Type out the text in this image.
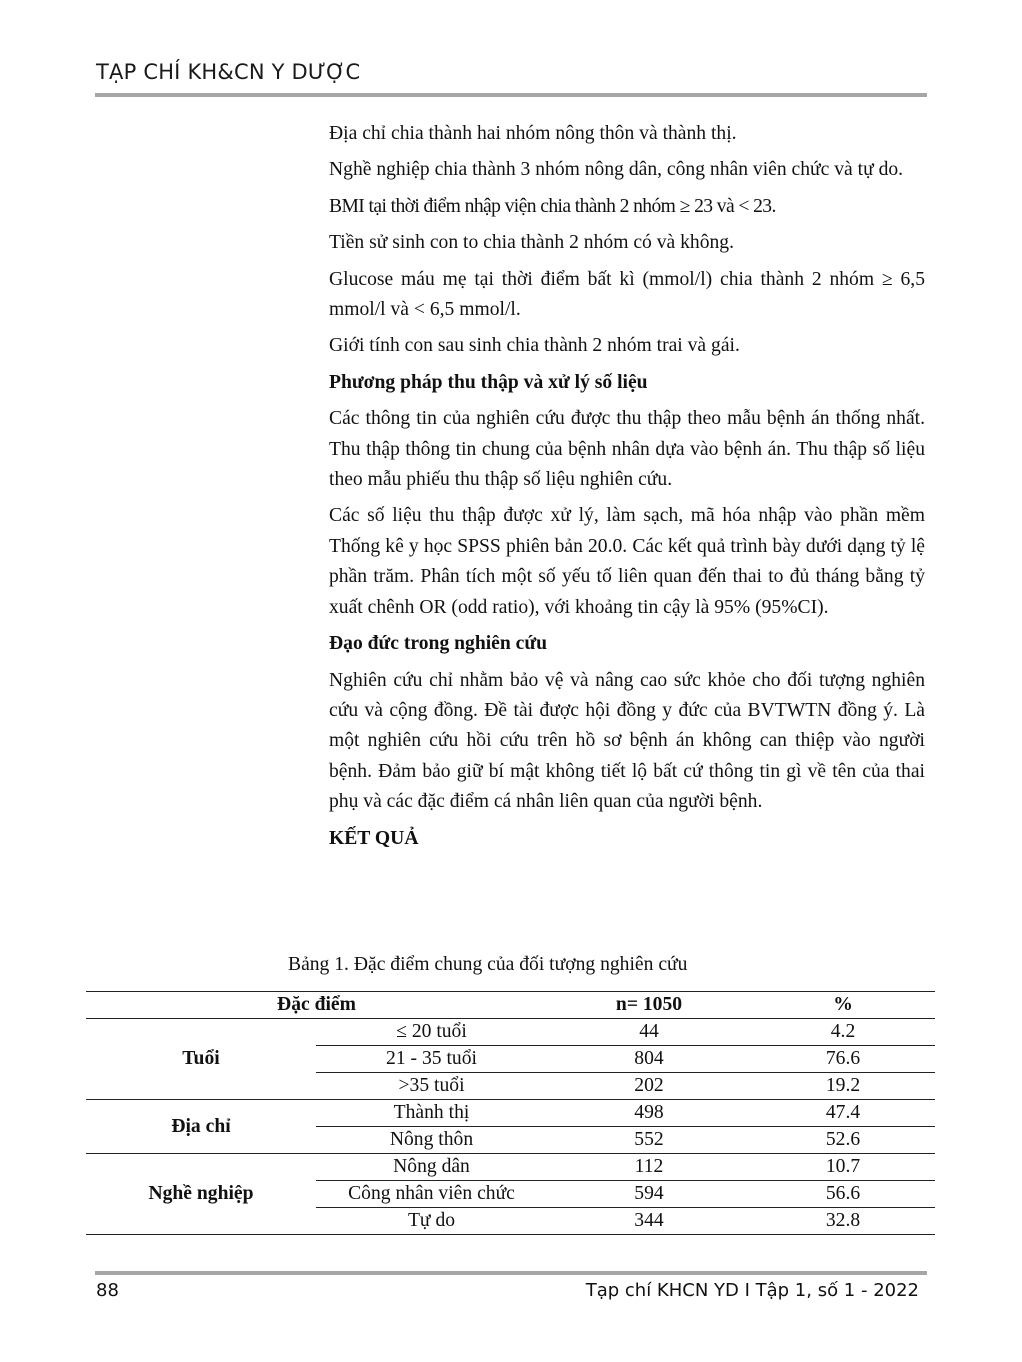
TẠP CHÍ KH&CN Y DƯỢC

Địa chỉ chia thành hai nhóm nông thôn và thành thị.

Nghề nghiệp chia thành 3 nhóm nông dân, công nhân viên chức và tự do.

BMI tại thời điểm nhập viện chia thành 2 nhóm ≥ 23 và < 23.

Tiền sử sinh con to chia thành 2 nhóm có và không.

Glucose máu mẹ tại thời điểm bất kì (mmol/l) chia thành 2 nhóm ≥ 6,5 mmol/l và < 6,5 mmol/l.

Giới tính con sau sinh chia thành 2 nhóm trai và gái.

Phương pháp thu thập và xử lý số liệu

Các thông tin của nghiên cứu được thu thập theo mẫu bệnh án thống nhất. Thu thập thông tin chung của bệnh nhân dựa vào bệnh án. Thu thập số liệu theo mẫu phiếu thu thập số liệu nghiên cứu.

Các số liệu thu thập được xử lý, làm sạch, mã hóa nhập vào phần mềm Thống kê y học SPSS phiên bản 20.0. Các kết quả trình bày dưới dạng tỷ lệ phần trăm. Phân tích một số yếu tố liên quan đến thai to đủ tháng bằng tỷ xuất chênh OR (odd ratio), với khoảng tin cậy là 95% (95%CI).

Đạo đức trong nghiên cứu

Nghiên cứu chỉ nhằm bảo vệ và nâng cao sức khỏe cho đối tượng nghiên cứu và cộng đồng. Đề tài được hội đồng y đức của BVTWTN đồng ý. Là một nghiên cứu hồi cứu trên hồ sơ bệnh án không can thiệp vào người bệnh. Đảm bảo giữ bí mật không tiết lộ bất cứ thông tin gì về tên của thai phụ và các đặc điểm cá nhân liên quan của người bệnh.

KẾT QUẢ

Bảng 1. Đặc điểm chung của đối tượng nghiên cứu
Đặc điểm		n= 1050	%
Tuổi	≤ 20 tuổi	44	4.2
	21 - 35 tuổi	804	76.6
	>35 tuổi	202	19.2
Địa chỉ	Thành thị	498	47.4
	Nông thôn	552	52.6
Nghề nghiệp	Nông dân	112	10.7
	Công nhân viên chức	594	56.6
	Tự do	344	32.8
88	Tạp chí KHCN YD I Tập 1, số 1 - 2022
